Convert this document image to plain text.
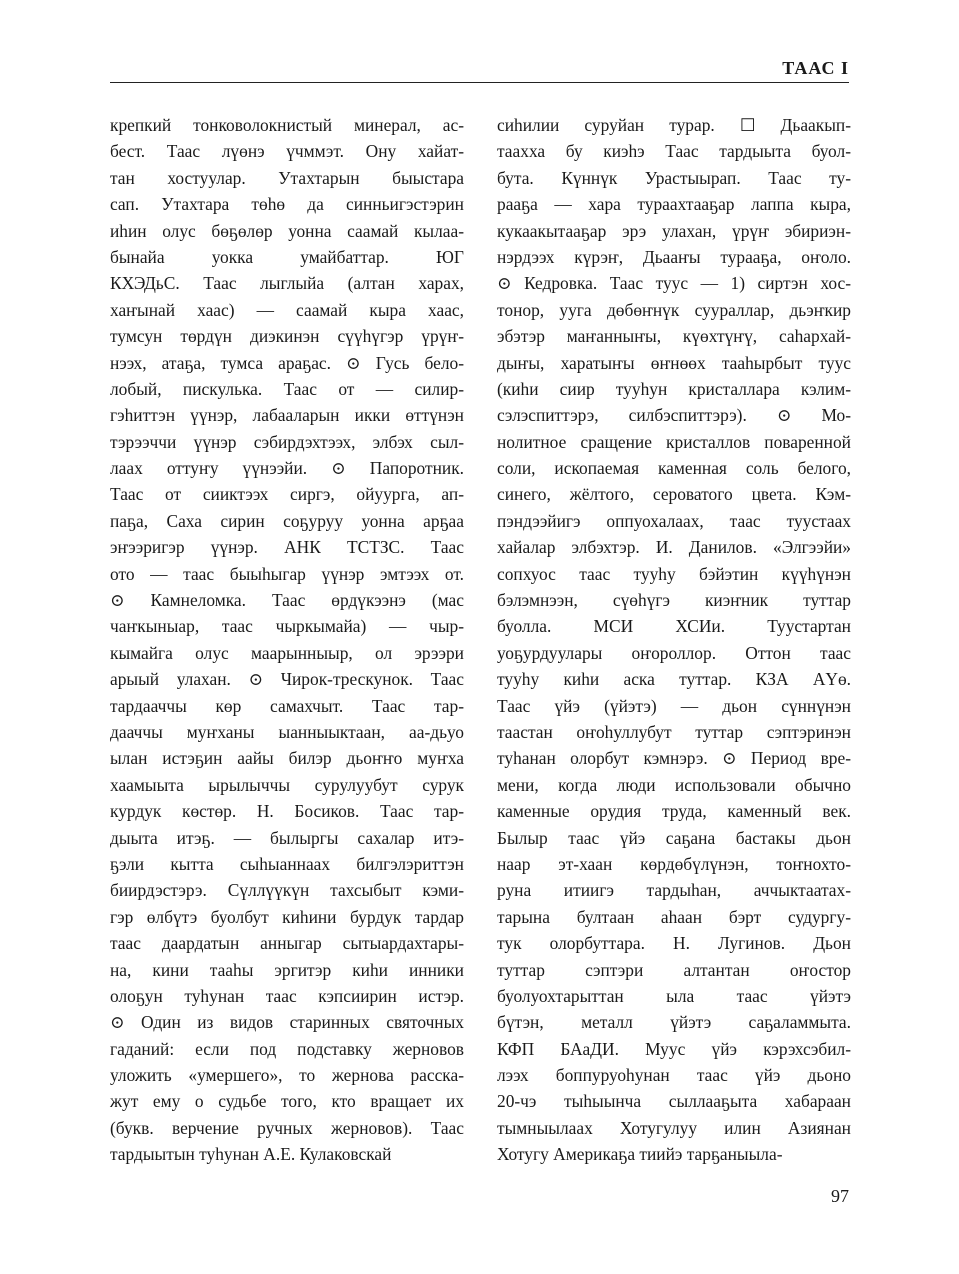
ТААС I
крепкий тонковолокнистый минерал, ас-
бест. Таас лүөнэ үчммэт. Ону хайат-
тан хостуулар. Утахтарын быыстара
сап. Утахтара төһө да синньигэстэрин
иһин олус бөҕөлөр уонна саамай кылаа-
бынайа уокка умайбаттар. ЮГ
КХЭДьС. Таас лыглыйа (алтан харах,
хаҥынай хаас) — саамай кыра хаас,
тумсун төрдүн диэкинэн сүүһүгэр үрүҥ-
нээх, атаҕа, тумса араҕас. ⊙ Гусь бело-
лобый, пискулька. Таас от — силир-
гэһиттэн үүнэр, лабааларын икки өттүнэн
тэрээччи үүнэр сэбирдэхтээх, элбэх сыл-
лаах оттуҥу үүнээйи. ⊙ Папоротник.
Таас от сииктээх сиргэ, ойуурга, ап-
паҕа, Саха сирин соҕуруу уонна арҕаа
эҥээригэр үүнэр. АНК ТСТЗС. Таас
ото — таас быыһыгар үүнэр эмтээх от.
⊙ Камнеломка. Таас өрдүкээнэ (мас
чаҥкыныар, таас чыркымайа) — чыр-
кымайга олус маарынныыр, ол эрээри
арыый улахан. ⊙ Чирок-трескунок. Таас
тардааччы көр самахчыт. Таас тар-
дааччы муҥханы ыанныыктаан, аа-дьуо
ылан истэҕин аайы билэр дьоҥҥо муҥха
хаамыыта ырылыччы сурулуубут сурук
курдук көстөр. Н. Босиков. Таас тар-
дыыта итэҕ. — былыргы сахалар итэ-
ҕэли кытта сыһыаннаах билгэлэриттэн
биирдэстэрэ. Сүллүүкүн тахсыбыт кэми-
гэр өлбүтэ буолбут киһини бурдук тардар
таас даардатын анныгар сытыардахтары-
на, кини тааһы эргитэр киһи инники
олоҕун туһунан таас кэпсиирин истэр.
⊙ Один из видов старинных святочных
гаданий: если под подставку жерновов
уложить «умершего», то жернова расска-
жут ему о судьбе того, кто вращает их
(букв. верчение ручных жерновов). Таас
тардыытын туһунан А.Е. Кулаковскай
сиһилии суруйан турар. ☐ Дьаакып-
таахха бу киэһэ Таас тардыыта буол-
бута. Күннүк Урастыырап. Таас ту-
рааҕа — хара тураахтааҕар лаппа кыра,
кукаакытааҕар эрэ улахан, үрүҥ эбириэн-
нэрдээх күрэҥ, Дьааҥы турааҕа, оҥоло.
⊙ Кедровка. Таас туус — 1) сиртэн хос-
тонор, ууга дөбөҥнүк суураллар, дьэҥкир
эбэтэр маҥанныҥы, күөхтүҥү, саһархай-
дыҥы, харатыҥы өҥнөөх тааһырбыт туус
(киһи сиир тууһун кристаллара кэлим-
сэлэспиттэрэ, силбэспиттэрэ). ⊙ Мо-
нолитное сращение кристаллов поваренной
соли, ископаемая каменная соль белого,
синего, жёлтого, сероватого цвета. Кэм-
пэндээйигэ оппуохалаах, таас туустаах
хайалар элбэхтэр. И. Данилов. «Элгээйи»
сопхуос таас тууһу бэйэтин күүһүнэн
бэлэмнээн, сүөһүгэ киэҥник туттар
буолла. МСИ ХСИи. Туустартан
уоҕурдуулары оҥороллор. Оттон таас
тууһу киһи аска туттар. КЗА АҮө.
Таас үйэ (үйэтэ) — дьон сүннүнэн
таастан оҥоһуллубут туттар сэптэринэн
туһанан олорбут кэмнэрэ. ⊙ Период вре-
мени, когда люди использовали обычно
каменные орудия труда, каменный век.
Былыр таас үйэ саҕана бастакы дьон
наар эт-хаан көрдөбүлүнэн, тоҥнохто-
руна итиигэ тардыһан, аччыктаатах-
тарына бултаан аһаан бэрт судургу-
тук олорбуттара. Н. Лугинов. Дьон
туттар сэптэри алтантан оҥостор
буолуохтарыттан ыла таас үйэтэ
бүтэн, металл үйэтэ саҕаламмыта.
КФП БАаДИ. Муус үйэ кэрэхсэбил-
лээх боппуруоһунан таас үйэ дьоно
20-чэ тыһыынча сыллааҕыта хабараан
тымныылаах Хотугулуу илин Азиянан
Хотугу Америкаҕа тиийэ тарҕаныыла-
97
